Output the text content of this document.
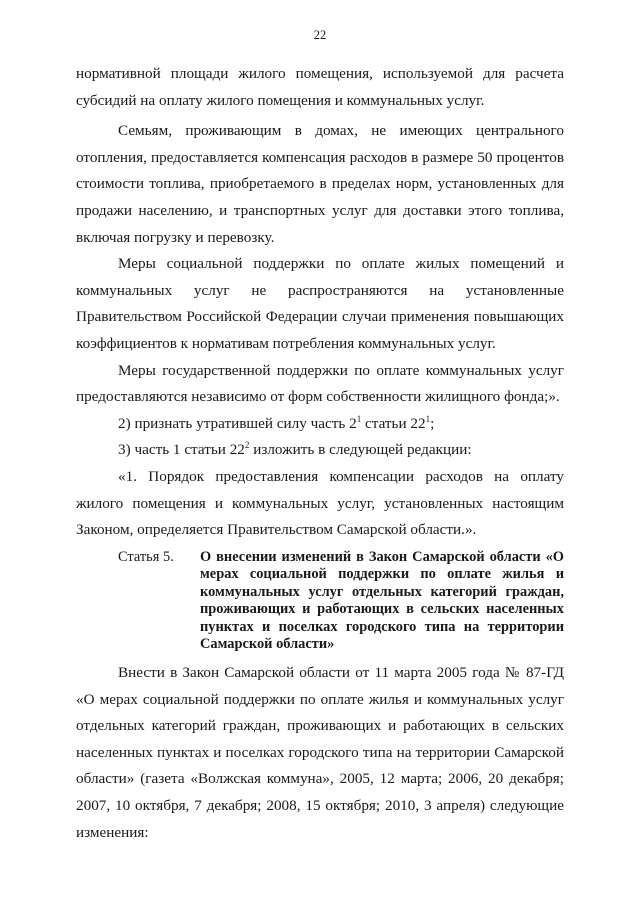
22

нормативной площади жилого помещения, используемой для расчета субсидий на оплату жилого помещения и коммунальных услуг.

Семьям, проживающим в домах, не имеющих центрального отопления, предоставляется компенсация расходов в размере 50 процентов стоимости топлива, приобретаемого в пределах норм, установленных для продажи населению, и транспортных услуг для доставки этого топлива, включая погрузку и перевозку.

Меры социальной поддержки по оплате жилых помещений и коммунальных услуг не распространяются на установленные Правительством Российской Федерации случаи применения повышающих коэффициентов к нормативам потребления коммунальных услуг.

Меры государственной поддержки по оплате коммунальных услуг предоставляются независимо от форм собственности жилищного фонда;».

2) признать утратившей силу часть $2^1$ статьи $22^1$;

3) часть 1 статьи $22^2$ изложить в следующей редакции:

«1. Порядок предоставления компенсации расходов на оплату жилого помещения и коммунальных услуг, установленных настоящим Законом, определяется Правительством Самарской области.».

Статья 5.	О внесении изменений в Закон Самарской области «О мерах социальной поддержки по оплате жилья и коммунальных услуг отдельных категорий граждан, проживающих и работающих в сельских населенных пунктах и поселках городского типа на территории Самарской области»

Внести в Закон Самарской области от 11 марта 2005 года № 87-ГД «О мерах социальной поддержки по оплате жилья и коммунальных услуг отдельных категорий граждан, проживающих и работающих в сельских населенных пунктах и поселках городского типа на территории Самарской области» (газета «Волжская коммуна», 2005, 12 марта; 2006, 20 декабря; 2007, 10 октября, 7 декабря; 2008, 15 октября; 2010, 3 апреля) следующие изменения:
